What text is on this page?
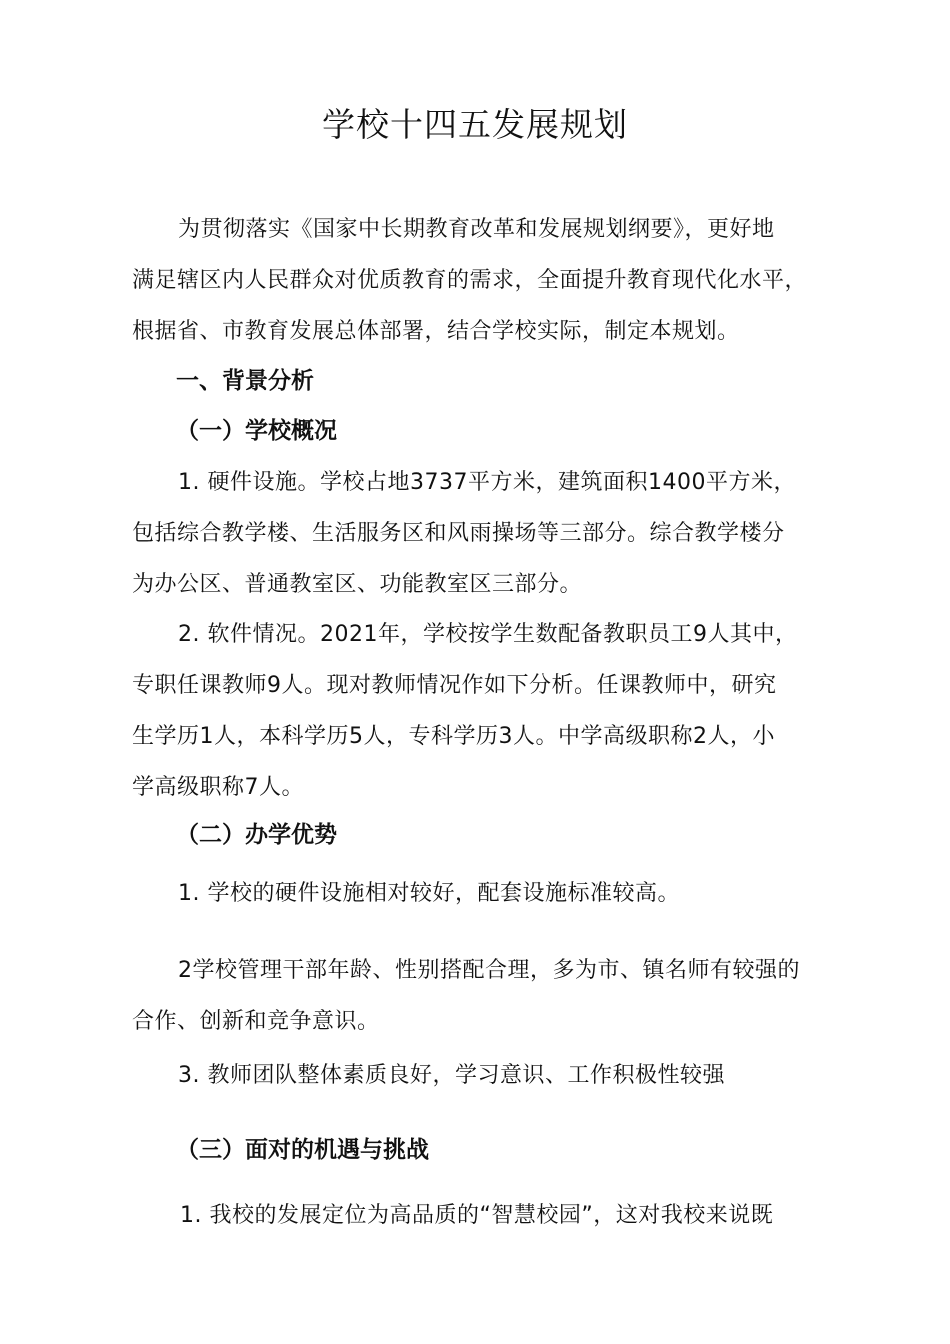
学校十四五发展规划
为贯彻落实《国家中长期教育改革和发展规划纲要》，更好地
满足辖区内人民群众对优质教育的需求，全面提升教育现代化水平，
根据省、市教育发展总体部署，结合学校实际，制定本规划。
一、背景分析
（一）学校概况
1. 硬件设施。学校占地3737平方米，建筑面积1400平方米，
包括综合教学楼、生活服务区和风雨操场等三部分。综合教学楼分
为办公区、普通教室区、功能教室区三部分。
2. 软件情况。2021年，学校按学生数配备教职员工9人其中，
专职任课教师9人。现对教师情况作如下分析。任课教师中，研究
生学历1人，本科学历5人，专科学历3人。中学高级职称2人，小
学高级职称7人。
（二）办学优势
1. 学校的硬件设施相对较好，配套设施标准较高。
2学校管理干部年龄、性别搭配合理，多为市、镇名师有较强的
合作、创新和竞争意识。
3. 教师团队整体素质良好，学习意识、工作积极性较强
（三）面对的机遇与挑战
1. 我校的发展定位为高品质的“智慧校园”，这对我校来说既
